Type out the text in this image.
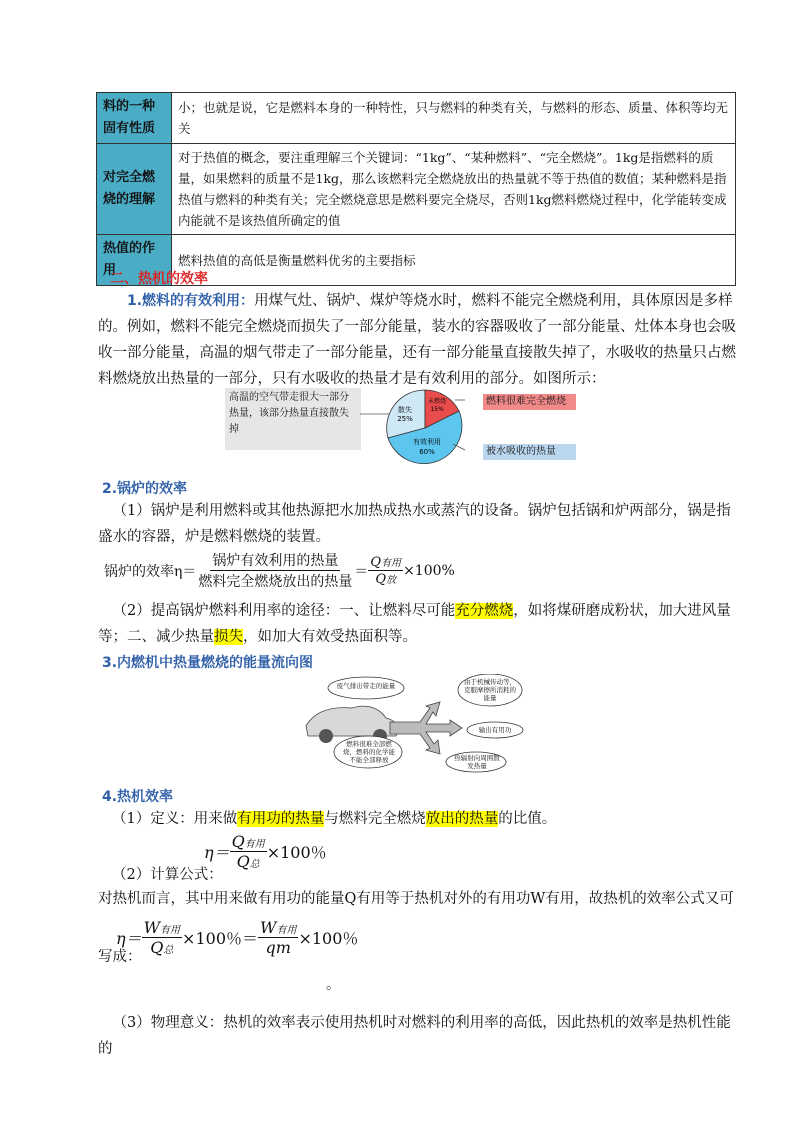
料的一种固有性质	小；也就是说，它是燃料本身的一种特性，只与燃料的种类有关，与燃料的形态、质量、体积等均无关
对完全燃烧的理解	对于热值的概念，要注重理解三个关键词：“1kg”、“某种燃料”、“完全燃烧”。1kg是指燃料的质量，如果燃料的质量不是1kg，那么该燃料完全燃烧放出的热量就不等于热值的数值；某种燃料是指热值与燃料的种类有关；完全燃烧意思是燃料要完全烧尽，否则1kg燃料燃烧过程中，化学能转变成内能就不是该热值所确定的值
热值的作用	燃料热值的高低是衡量燃料优劣的主要指标
二、热机的效率
1.燃料的有效利用：用煤气灶、锅炉、煤炉等烧水时，燃料不能完全燃烧利用，具体原因是多样的。例如，燃料不能完全燃烧而损失了一部分能量，装水的容器吸收了一部分能量、灶体本身也会吸收一部分能量，高温的烟气带走了一部分能量，还有一部分能量直接散失掉了，水吸收的热量只占燃料燃烧放出热量的一部分，只有水吸收的热量才是有效利用的部分。如图所示：
高温的空气带走很大一部分热量，该部分热量直接散失掉
散失
25%
未燃烧
15%
有效利用
60%
燃料很难完全燃烧
被水吸收的热量
2.锅炉的效率
（1）锅炉是利用燃料或其他热源把水加热成热水或蒸汽的设备。锅炉包括锅和炉两部分，锅是指盛水的容器，炉是燃料燃烧的装置。
锅炉的效率$\eta= \frac{\text{锅炉有效利用的热量}}{\text{燃料完全燃烧放出的热量}} = \frac{\text{Q有用}}{\text{Q放}} \times 100\%$
（2）提高锅炉燃料利用率的途径：一、让燃料尽可能充分燃烧，如将煤研磨成粉状，加大进风量等；二、减少热量损失，如加大有效受热面积等。
3.内燃机中热量燃烧的能量流向图
废气排出带走的能量	由于机械传动等，克服摩擦所消耗的能量
输出有用功
燃料很难全部燃烧，燃料的化学能不能全部释放	热辐射向周围散发热量
4.热机效率
（1）定义：用来做有用功的热量与燃料完全燃烧放出的热量的比值。
$\eta= \frac{\text{Q有用}}{\text{Q总}} \times 100$％
（2）计算公式：
对热机而言，其中用来做有用功的能量Q有用等于热机对外的有用功W有用，故热机的效率公式又可
$\eta= \frac{\text{W有用}}{\text{Q总}} \times 100$％ ＝ $\frac{\text{W有用}}{qm} \times 100$％
写成：
。
（3）物理意义：热机的效率表示使用热机时对燃料的利用率的高低，因此热机的效率是热机性能的
